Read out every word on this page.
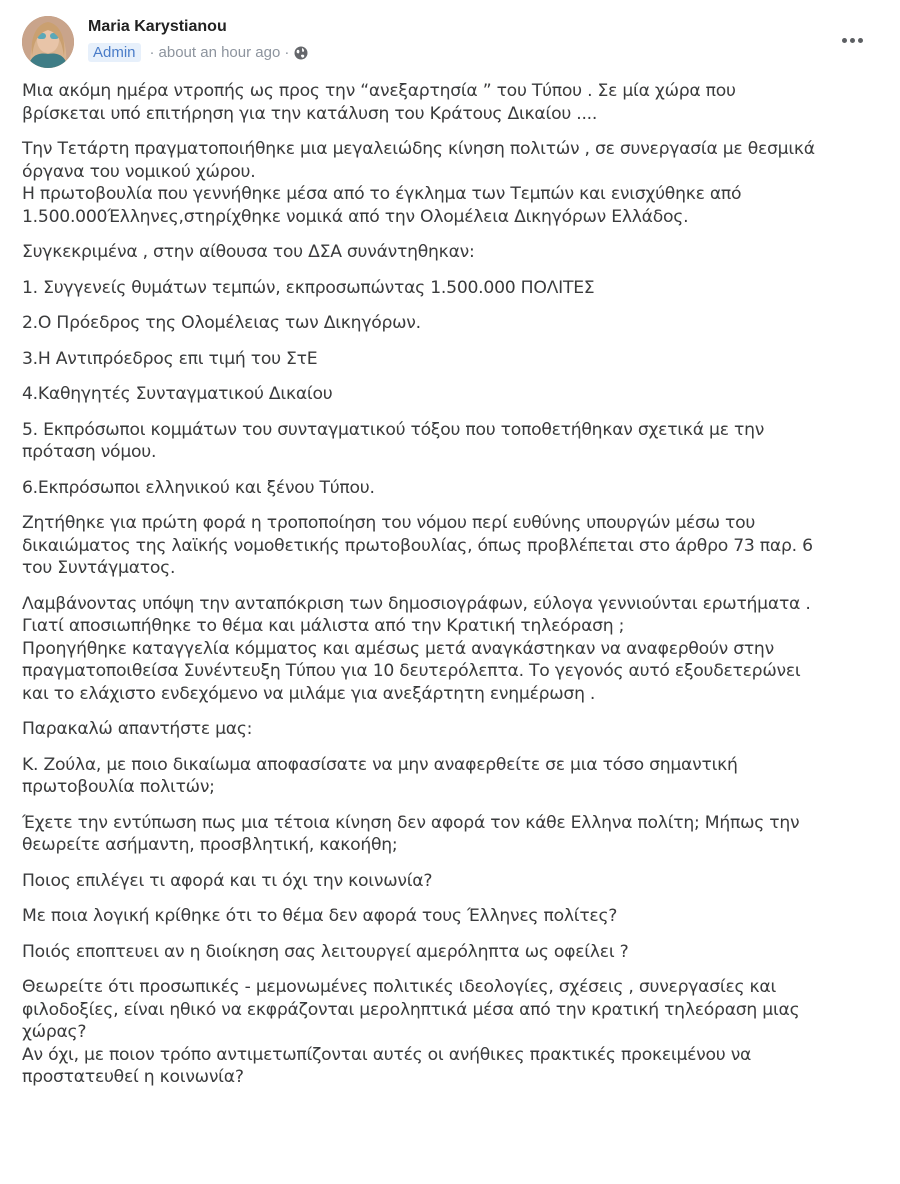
Maria Karystianou
Admin · about an hour ago ·

Μια ακόμη ημέρα ντροπής ως προς την “ανεξαρτησία ” του Τύπου . Σε μία χώρα που
βρίσκεται υπό επιτήρηση για την κατάλυση του Κράτους Δικαίου ....

Την Τετάρτη πραγματοποιήθηκε μια μεγαλειώδης κίνηση πολιτών , σε συνεργασία με θεσμικά
όργανα του νομικού χώρου.
Η πρωτοβουλία που γεννήθηκε μέσα από το έγκλημα των Τεμπών και ενισχύθηκε από
1.500.000Έλληνες,στηρίχθηκε νομικά από την Ολομέλεια Δικηγόρων Ελλάδος.

Συγκεκριμένα , στην αίθουσα του ΔΣΑ συνάντηθηκαν:

1. Συγγενείς θυμάτων τεμπών, εκπροσωπώντας 1.500.000 ΠΟΛΙΤΕΣ

2.Ο Πρόεδρος της Ολομέλειας των Δικηγόρων.

3.Η Αντιπρόεδρος επι τιμή του ΣτΕ

4.Καθηγητές Συνταγματικού Δικαίου

5. Εκπρόσωποι κομμάτων του συνταγματικού τόξου που τοποθετήθηκαν σχετικά με την
πρόταση νόμου.

6.Εκπρόσωποι ελληνικού και ξένου Τύπου.

Ζητήθηκε για πρώτη φορά η τροποποίηση του νόμου περί ευθύνης υπουργών μέσω του
δικαιώματος της λαϊκής νομοθετικής πρωτοβουλίας, όπως προβλέπεται στο άρθρο 73 παρ. 6
του Συντάγματος.

Λαμβάνοντας υπόψη την ανταπόκριση των δημοσιογράφων, εύλογα γεννιούνται ερωτήματα .
Γιατί αποσιωπήθηκε το θέμα και μάλιστα από την Κρατική τηλεόραση ;
Προηγήθηκε καταγγελία κόμματος και αμέσως μετά αναγκάστηκαν να αναφερθούν στην
πραγματοποιθείσα Συνέντευξη Τύπου για 10 δευτερόλεπτα. Το γεγονός αυτό εξουδετερώνει
και το ελάχιστο ενδεχόμενο να μιλάμε για ανεξάρτητη ενημέρωση .

Παρακαλώ απαντήστε μας:

Κ. Ζούλα, με ποιο δικαίωμα αποφασίσατε να μην αναφερθείτε σε μια τόσο σημαντική
πρωτοβουλία πολιτών;

Έχετε την εντύπωση πως μια τέτοια κίνηση δεν αφορά τον κάθε Ελληνα πολίτη; Μήπως την
θεωρείτε ασήμαντη, προσβλητική, κακοήθη;

Ποιος επιλέγει τι αφορά και τι όχι την κοινωνία?

Με ποια λογική κρίθηκε ότι το θέμα δεν αφορά τους Έλληνες πολίτες?

Ποιός εποπτευει αν η διοίκηση σας λειτουργεί αμερόληπτα ως οφείλει ?

Θεωρείτε ότι προσωπικές - μεμονωμένες πολιτικές ιδεολογίες, σχέσεις , συνεργασίες και
φιλοδοξίες, είναι ηθικό να εκφράζονται μεροληπτικά μέσα από την κρατική τηλεόραση μιας
χώρας?
Αν όχι, με ποιον τρόπο αντιμετωπίζονται αυτές οι ανήθικες πρακτικές προκειμένου να
προστατευθεί η κοινωνία?
